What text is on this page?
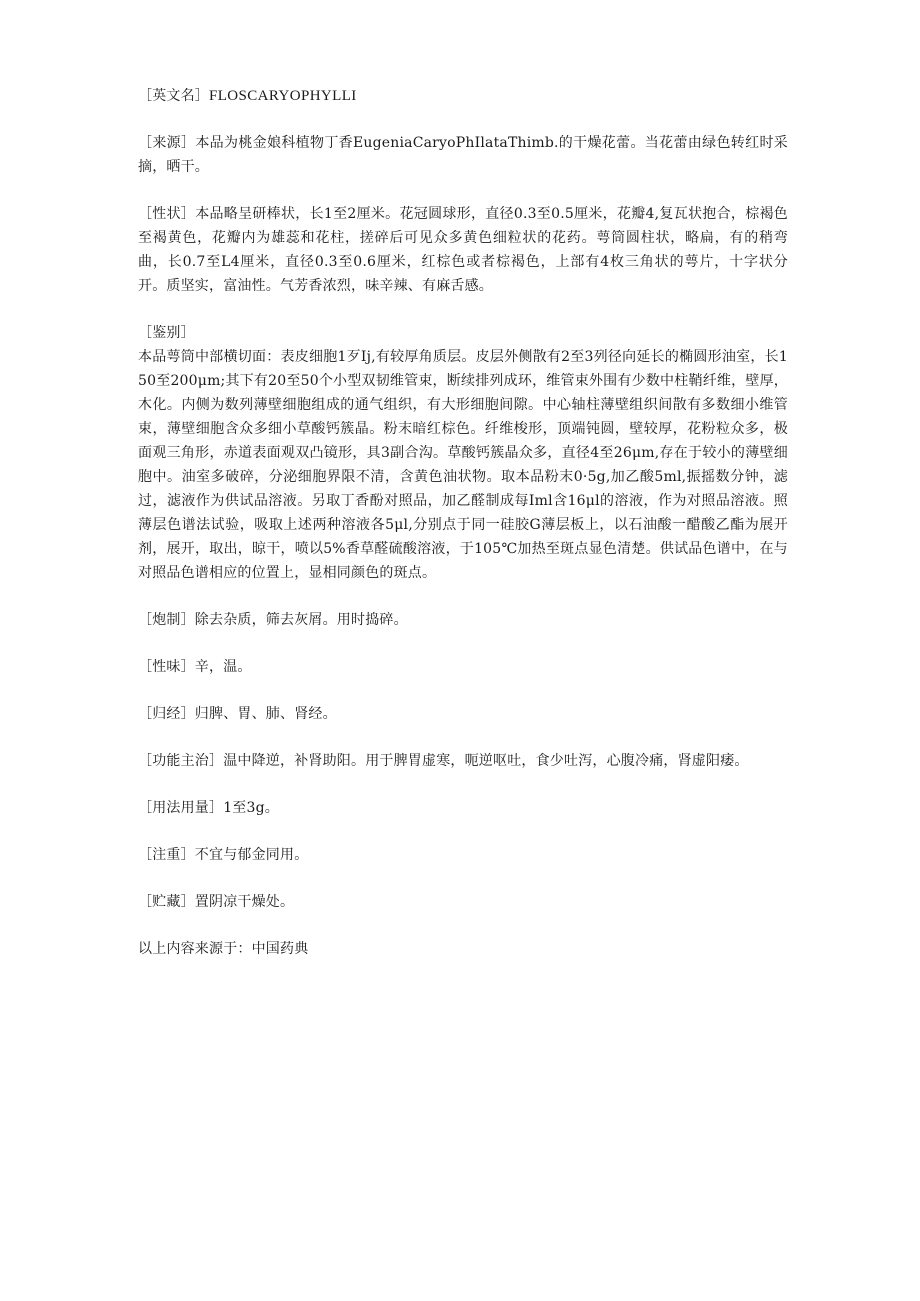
［英文名］FLOSCARYOPHYLLI

［来源］本品为桃金娘科植物丁香EugeniaCaryoPhIlataThimb.的干燥花蕾。当花蕾由绿色转红时采摘，晒干。

［性状］本品略呈研棒状，长1至2厘米。花冠圆球形，直径0.3至0.5厘米，花瓣4,复瓦状抱合，棕褐色至褐黄色，花瓣内为雄蕊和花柱，搓碎后可见众多黄色细粒状的花药。萼筒圆柱状，略扁，有的稍弯曲，长0.7至L4厘米，直径0.3至0.6厘米，红棕色或者棕褐色，上部有4枚三角状的萼片，十字状分开。质坚实，富油性。气芳香浓烈，味辛辣、有麻舌感。

［鉴别］
本品萼筒中部横切面：表皮细胞1歹Ij,有较厚角质层。皮层外侧散有2至3列径向延长的椭圆形油室，长150至200μm;其下有20至50个小型双韧维管束，断续排列成环，维管束外围有少数中柱鞘纤维，壁厚，木化。内侧为数列薄壁细胞组成的通气组织，有大形细胞间隙。中心轴柱薄壁组织间散有多数细小维管束，薄壁细胞含众多细小草酸钙簇晶。粉末暗红棕色。纤维梭形，顶端钝圆，壁较厚，花粉粒众多，极面观三角形，赤道表面观双凸镜形，具3副合沟。草酸钙簇晶众多，直径4至26μm,存在于较小的薄壁细胞中。油室多破碎，分泌细胞界限不清，含黄色油状物。取本品粉末0·5g,加乙酸5ml,振摇数分钟，滤过，滤液作为供试品溶液。另取丁香酚对照品，加乙醛制成每Iml含16μl的溶液，作为对照品溶液。照薄层色谱法试验，吸取上述两种溶液各5μl,分别点于同一硅胶G薄层板上，以石油酸一醋酸乙酯为展开剂，展开，取出，晾干，喷以5%香草醛硫酸溶液，于105℃加热至斑点显色清楚。供试品色谱中，在与对照品色谱相应的位置上，显相同颜色的斑点。

［炮制］除去杂质，筛去灰屑。用时捣碎。

［性味］辛，温。

［归经］归脾、胃、肺、肾经。

［功能主治］温中降逆，补肾助阳。用于脾胃虚寒，呃逆呕吐，食少吐泻，心腹冷痛，肾虚阳痿。

［用法用量］1至3g。

［注重］不宜与郁金同用。

［贮藏］置阴凉干燥处。

以上内容来源于：中国药典
